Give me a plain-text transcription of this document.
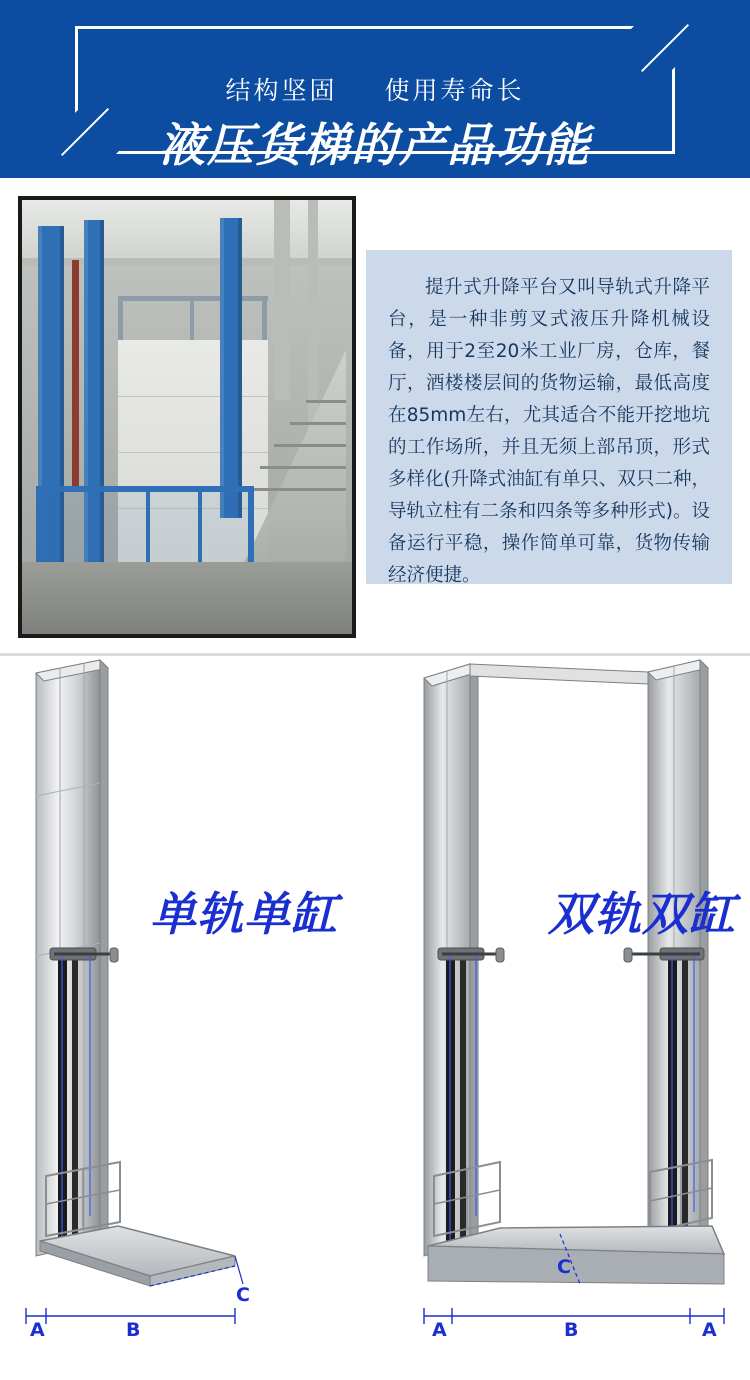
结构坚固 使用寿命长
液压货梯的产品功能

提升式升降平台又叫导轨式升降平台，是一种非剪叉式液压升降机械设备，用于2至20米工业厂房，仓库，餐厅，酒楼楼层间的货物运输，最低高度在85mm左右，尤其适合不能开挖地坑的工作场所，并且无须上部吊顶，形式多样化(升降式油缸有单只、双只二种，导轨立柱有二条和四条等多种形式)。设备运行平稳，操作简单可靠，货物传输经济便捷。

单轨单缸	双轨双缸
A	B
C
A	B	A
C
